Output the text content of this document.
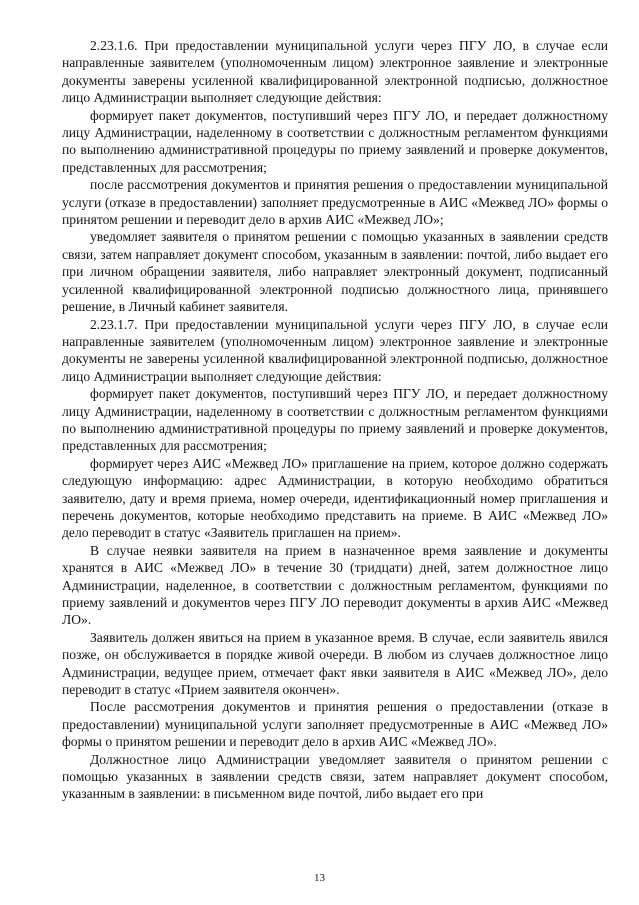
2.23.1.6. При предоставлении муниципальной услуги через ПГУ ЛО, в случае если направленные заявителем (уполномоченным лицом) электронное заявление и электронные документы заверены усиленной квалифицированной электронной подписью, должностное лицо Администрации выполняет следующие действия:

формирует пакет документов, поступивший через ПГУ ЛО, и передает должностному лицу Администрации, наделенному в соответствии с должностным регламентом функциями по выполнению административной процедуры по приему заявлений и проверке документов, представленных для рассмотрения;

после рассмотрения документов и принятия решения о предоставлении муниципальной услуги (отказе в предоставлении) заполняет предусмотренные в АИС «Межвед ЛО» формы о принятом решении и переводит дело в архив АИС «Межвед ЛО»;

уведомляет заявителя о принятом решении с помощью указанных в заявлении средств связи, затем направляет документ способом, указанным в заявлении: почтой, либо выдает его при личном обращении заявителя, либо направляет электронный документ, подписанный усиленной квалифицированной электронной подписью должностного лица, принявшего решение, в Личный кабинет заявителя.

2.23.1.7. При предоставлении муниципальной услуги через ПГУ ЛО, в случае если направленные заявителем (уполномоченным лицом) электронное заявление и электронные документы не заверены усиленной квалифицированной электронной подписью, должностное лицо Администрации выполняет следующие действия:

формирует пакет документов, поступивший через ПГУ ЛО, и передает должностному лицу Администрации, наделенному в соответствии с должностным регламентом функциями по выполнению административной процедуры по приему заявлений и проверке документов, представленных для рассмотрения;

формирует через АИС «Межвед ЛО» приглашение на прием, которое должно содержать следующую информацию: адрес Администрации, в которую необходимо обратиться заявителю, дату и время приема, номер очереди, идентификационный номер приглашения и перечень документов, которые необходимо представить на приеме. В АИС «Межвед ЛО» дело переводит в статус «Заявитель приглашен на прием».

В случае неявки заявителя на прием в назначенное время заявление и документы хранятся в АИС «Межвед ЛО» в течение 30 (тридцати) дней, затем должностное лицо Администрации, наделенное, в соответствии с должностным регламентом, функциями по приему заявлений и документов через ПГУ ЛО переводит документы в архив АИС «Межвед ЛО».

Заявитель должен явиться на прием в указанное время. В случае, если заявитель явился позже, он обслуживается в порядке живой очереди. В любом из случаев должностное лицо Администрации, ведущее прием, отмечает факт явки заявителя в АИС «Межвед ЛО», дело переводит в статус «Прием заявителя окончен».

После рассмотрения документов и принятия решения о предоставлении (отказе в предоставлении) муниципальной услуги заполняет предусмотренные в АИС «Межвед ЛО» формы о принятом решении и переводит дело в архив АИС «Межвед ЛО».

Должностное лицо Администрации уведомляет заявителя о принятом решении с помощью указанных в заявлении средств связи, затем направляет документ способом, указанным в заявлении: в письменном виде почтой, либо выдает его при

13
